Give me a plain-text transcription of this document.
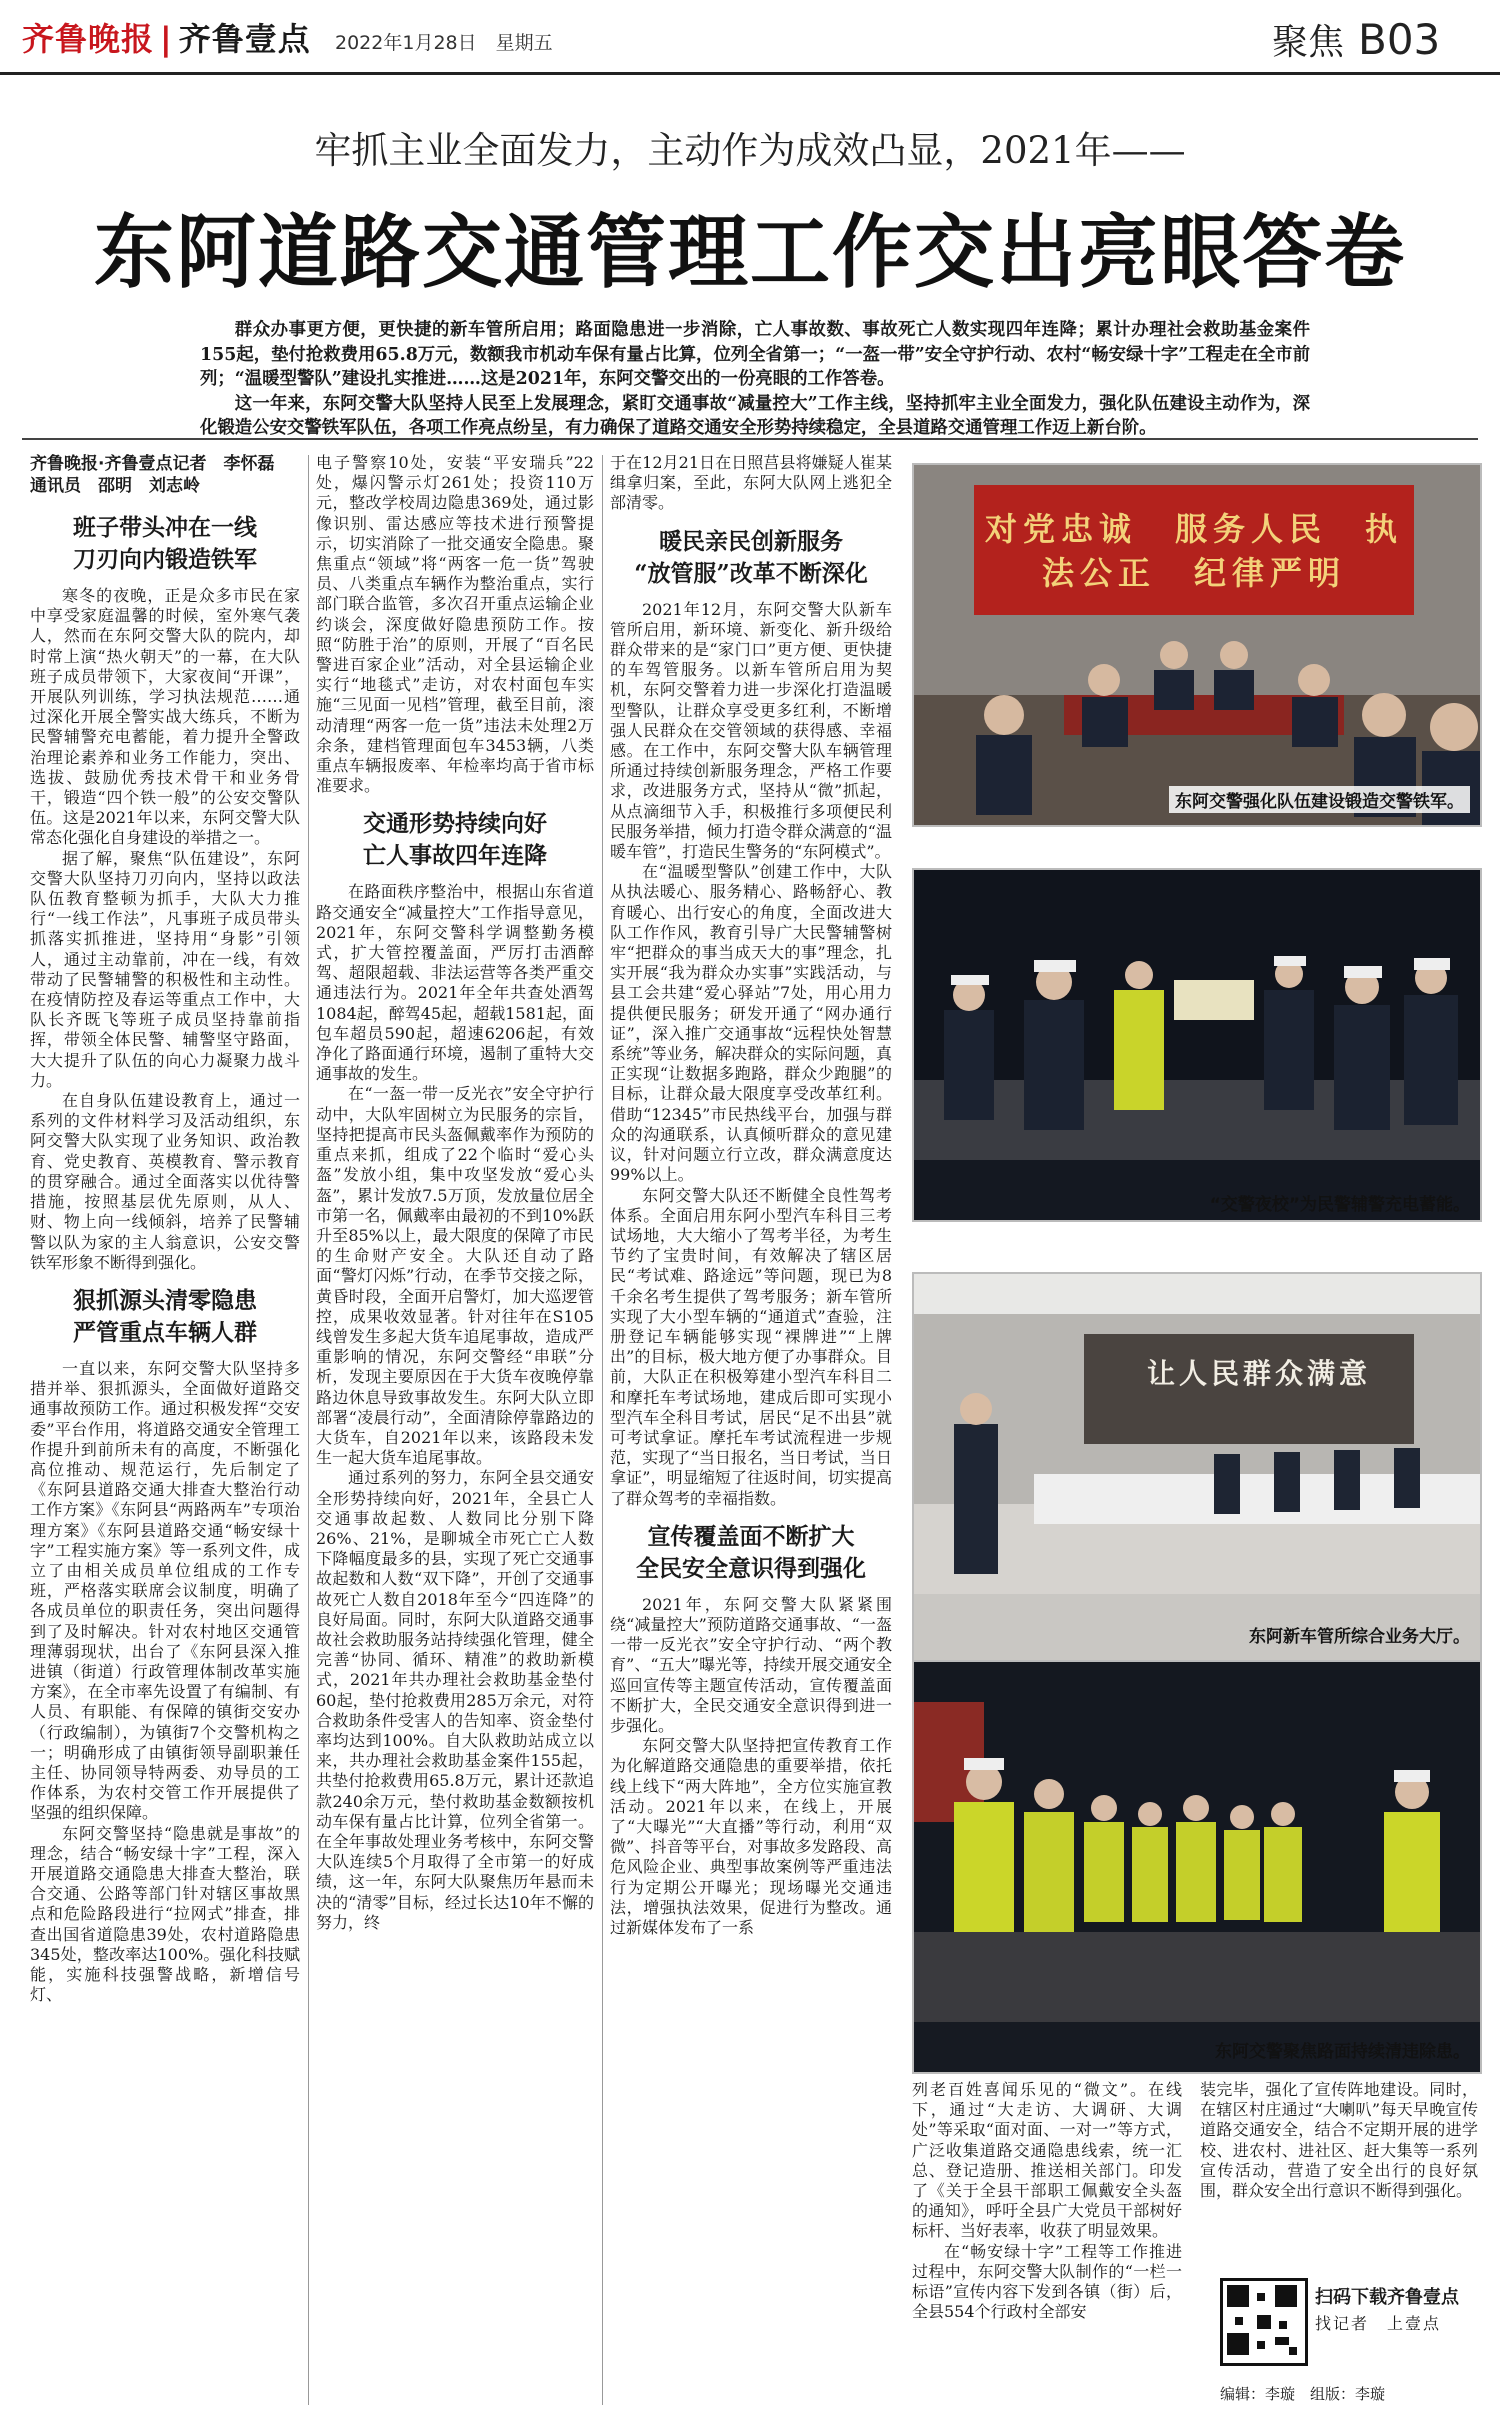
齐鲁晚报 | 齐鲁壹点 2022年1月28日　星期五	聚焦 B03
牢抓主业全面发力，主动作为成效凸显，2021年——
东阿道路交通管理工作交出亮眼答卷

群众办事更方便，更快捷的新车管所启用；路面隐患进一步消除，亡人事故数、事故死亡人数实现四年连降；累计办理社会救助基金案件155起，垫付抢救费用65.8万元，数额我市机动车保有量占比算，位列全省第一；“一盔一带”安全守护行动、农村“畅安绿十字”工程走在全市前列；“温暖型警队”建设扎实推进……这是2021年，东阿交警交出的一份亮眼的工作答卷。

这一年来，东阿交警大队坚持人民至上发展理念，紧盯交通事故“减量控大”工作主线，坚持抓牢主业全面发力，强化队伍建设主动作为，深化锻造公安交警铁军队伍，各项工作亮点纷呈，有力确保了道路交通安全形势持续稳定，全县道路交通管理工作迈上新台阶。

齐鲁晚报·齐鲁壹点记者　李怀磊
通讯员　邵明　刘志岭
班子带头冲在一线
刀刃向内锻造铁军

寒冬的夜晚，正是众多市民在家中享受家庭温馨的时候，室外寒气袭人，然而在东阿交警大队的院内，却时常上演“热火朝天”的一幕，在大队班子成员带领下，大家夜间“开课”，开展队列训练，学习执法规范……通过深化开展全警实战大练兵，不断为民警辅警充电蓄能，着力提升全警政治理论素养和业务工作能力，突出、选拔、鼓励优秀技术骨干和业务骨干，锻造“四个铁一般”的公安交警队伍。这是2021年以来，东阿交警大队常态化强化自身建设的举措之一。

据了解，聚焦“队伍建设”，东阿交警大队坚持刀刃向内，坚持以政法队伍教育整顿为抓手，大队大力推行“一线工作法”，凡事班子成员带头抓落实抓推进，坚持用“身影”引领人，通过主动靠前，冲在一线，有效带动了民警辅警的积极性和主动性。在疫情防控及春运等重点工作中，大队长齐既飞等班子成员坚持靠前指挥，带领全体民警、辅警坚守路面，大大提升了队伍的向心力凝聚力战斗力。

在自身队伍建设教育上，通过一系列的文件材料学习及活动组织，东阿交警大队实现了业务知识、政治教育、党史教育、英模教育、警示教育的贯穿融合。通过全面落实以优待警措施，按照基层优先原则，从人、财、物上向一线倾斜，培养了民警辅警以队为家的主人翁意识，公安交警铁军形象不断得到强化。

狠抓源头清零隐患
严管重点车辆人群

一直以来，东阿交警大队坚持多措并举、狠抓源头，全面做好道路交通事故预防工作。通过积极发挥“交安委”平台作用，将道路交通安全管理工作提升到前所未有的高度，不断强化高位推动、规范运行，先后制定了《东阿县道路交通大排查大整治行动工作方案》《东阿县“两路两车”专项治理方案》《东阿县道路交通“畅安绿十字”工程实施方案》等一系列文件，成立了由相关成员单位组成的工作专班，严格落实联席会议制度，明确了各成员单位的职责任务，突出问题得到了及时解决。针对农村地区交通管理薄弱现状，出台了《东阿县深入推进镇（街道）行政管理体制改革实施方案》，在全市率先设置了有编制、有人员、有职能、有保障的镇街交安办（行政编制），为镇街7个交警机构之一；明确形成了由镇街领导副职兼任主任、协同领导特两委、劝导员的工作体系，为农村交管工作开展提供了坚强的组织保障。

东阿交警坚持“隐患就是事故”的理念，结合“畅安绿十字”工程，深入开展道路交通隐患大排查大整治，联合交通、公路等部门针对辖区事故黑点和危险路段进行“拉网式”排查，排查出国省道隐患39处，农村道路隐患345处，整改率达100%。强化科技赋能，实施科技强警战略，新增信号灯、

电子警察10处，安装“平安瑞兵”22处，爆闪警示灯261处；投资110万元，整改学校周边隐患369处，通过影像识别、雷达感应等技术进行预警提示，切实消除了一批交通安全隐患。聚焦重点“领域”将“两客一危一货”驾驶员、八类重点车辆作为整治重点，实行部门联合监管，多次召开重点运输企业约谈会，深度做好隐患预防工作。按照“防胜于治”的原则，开展了“百名民警进百家企业”活动，对全县运输企业实行“地毯式”走访，对农村面包车实施“三见面一见档”管理，截至目前，滚动清理“两客一危一货”违法未处理2万余条，建档管理面包车3453辆，八类重点车辆报废率、年检率均高于省市标准要求。

交通形势持续向好
亡人事故四年连降

在路面秩序整治中，根据山东省道路交通安全“减量控大”工作指导意见，2021年，东阿交警科学调整勤务模式，扩大管控覆盖面，严厉打击酒醉驾、超限超载、非法运营等各类严重交通违法行为。2021年全年共查处酒驾1084起，醉驾45起，超载1581起，面包车超员590起，超速6206起，有效净化了路面通行环境，遏制了重特大交通事故的发生。

在“一盔一带一反光衣”安全守护行动中，大队牢固树立为民服务的宗旨，坚持把提高市民头盔佩戴率作为预防的重点来抓，组成了22个临时“爱心头盔”发放小组，集中攻坚发放“爱心头盔”，累计发放7.5万顶，发放量位居全市第一名，佩戴率由最初的不到10%跃升至85%以上，最大限度的保障了市民的生命财产安全。大队还自动了路面“警灯闪烁”行动，在季节交接之际，黄昏时段，全面开启警灯，加大巡逻管控，成果收效显著。针对往年在S105线曾发生多起大货车追尾事故，造成严重影响的情况，东阿交警经“串联”分析，发现主要原因在于大货车夜晚停靠路边休息导致事故发生。东阿大队立即部署“凌晨行动”，全面清除停靠路边的大货车，自2021年以来，该路段未发生一起大货车追尾事故。

通过系列的努力，东阿全县交通安全形势持续向好，2021年，全县亡人交通事故起数、人数同比分别下降26%、21%，是聊城全市死亡亡人数下降幅度最多的县，实现了死亡交通事故起数和人数“双下降”，开创了交通事故死亡人数自2018年至今“四连降”的良好局面。同时，东阿大队道路交通事故社会救助服务站持续强化管理，健全完善“协同、循环、精准”的救助新模式，2021年共办理社会救助基金垫付60起，垫付抢救费用285万余元，对符合救助条件受害人的告知率、资金垫付率均达到100%。自大队救助站成立以来，共办理社会救助基金案件155起，共垫付抢救费用65.8万元，累计还款追款240余万元，垫付救助基金数额按机动车保有量占比计算，位列全省第一。在全年事故处理业务考核中，东阿交警大队连续5个月取得了全市第一的好成绩，这一年，东阿大队聚焦历年悬而未决的“清零”目标，经过长达10年不懈的努力，终

于在12月21日在日照莒县将嫌疑人崔某缉拿归案，至此，东阿大队网上逃犯全部清零。

暖民亲民创新服务
“放管服”改革不断深化

2021年12月，东阿交警大队新车管所启用，新环境、新变化、新升级给群众带来的是“家门口”更方便、更快捷的车驾管服务。以新车管所启用为契机，东阿交警着力进一步深化打造温暖型警队，让群众享受更多红利，不断增强人民群众在交管领域的获得感、幸福感。在工作中，东阿交警大队车辆管理所通过持续创新服务理念，严格工作要求，改进服务方式，坚持从“微”抓起，从点滴细节入手，积极推行多项便民利民服务举措，倾力打造令群众满意的“温暖车管”，打造民生警务的“东阿模式”。

在“温暖型警队”创建工作中，大队从执法暖心、服务精心、路畅舒心、教育暖心、出行安心的角度，全面改进大队工作作风，教育引导广大民警辅警树牢“把群众的事当成天大的事”理念，扎实开展“我为群众办实事”实践活动，与县工会共建“爱心驿站”7处，用心用力提供便民服务；研发开通了“网办通行证”，深入推广交通事故“远程快处智慧系统”等业务，解决群众的实际问题，真正实现“让数据多跑路，群众少跑腿”的目标，让群众最大限度享受改革红利。借助“12345”市民热线平台，加强与群众的沟通联系，认真倾听群众的意见建议，针对问题立行立改，群众满意度达99%以上。

东阿交警大队还不断健全良性驾考体系。全面启用东阿小型汽车科目三考试场地，大大缩小了驾考半径，为考生节约了宝贵时间，有效解决了辖区居民“考试难、路途远”等问题，现已为8千余名考生提供了驾考服务；新车管所实现了大小型车辆的“通道式”查验，注册登记车辆能够实现“裸牌进”“上牌出”的目标，极大地方便了办事群众。目前，大队正在积极筹建小型汽车科目二和摩托车考试场地，建成后即可实现小型汽车全科目考试，居民“足不出县”就可考试拿证。摩托车考试流程进一步规范，实现了“当日报名，当日考试，当日拿证”，明显缩短了往返时间，切实提高了群众驾考的幸福指数。

宣传覆盖面不断扩大
全民安全意识得到强化

2021年，东阿交警大队紧紧围绕“减量控大”预防道路交通事故、“一盔一带一反光衣”安全守护行动、“两个教育”、“五大”曝光等，持续开展交通安全巡回宣传等主题宣传活动，宣传覆盖面不断扩大，全民交通安全意识得到进一步强化。

东阿交警大队坚持把宣传教育工作为化解道路交通隐患的重要举措，依托线上线下“两大阵地”，全方位实施宣教活动。2021年以来，在线上，开展了“大曝光”“大直播”等行动，利用“双微”、抖音等平台，对事故多发路段、高危风险企业、典型事故案例等严重违法行为定期公开曝光；现场曝光交通违法，增强执法效果，促进行为整改。通过新媒体发布了一系

列老百姓喜闻乐见的“微文”。在线下，通过“大走访、大调研、大调处”等采取“面对面、一对一”等方式，广泛收集道路交通隐患线索，统一汇总、登记造册、推送相关部门。印发了《关于全县干部职工佩戴安全头盔的通知》，呼吁全县广大党员干部树好标杆、当好表率，收获了明显效果。

在“畅安绿十字”工程等工作推进过程中，东阿交警大队制作的“一栏一标语”宣传内容下发到各镇（街）后，全县554个行政村全部安

装完毕，强化了宣传阵地建设。同时，在辖区村庄通过“大喇叭”每天早晚宣传道路交通安全，结合不定期开展的进学校、进农村、进社区、赶大集等一系列宣传活动，营造了安全出行的良好氛围，群众安全出行意识不断得到强化。

对党忠诚　服务人民　执法公正　纪律严明
东阿交警强化队伍建设锻造交警铁军。
“交警夜校”为民警辅警充电蓄能。
让人民群众满意
东阿新车管所综合业务大厅。
东阿交警聚焦路面持续清违除患。
扫码下载齐鲁壹点
找记者　上壹点
编辑：李璇　组版：李璇
